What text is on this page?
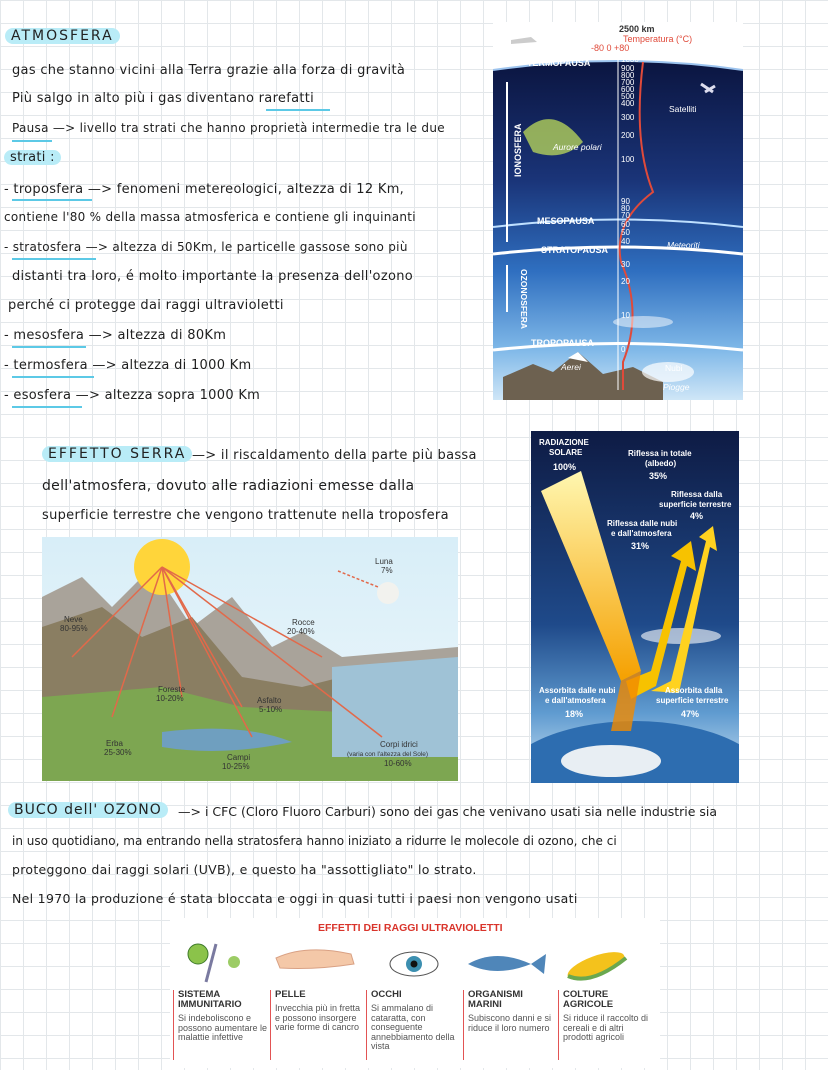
ATMOSFERA
gas che stanno vicini alla Terra grazie alla forza di gravità
Più salgo in alto più i gas diventano rarefatti
Pausa —> livello tra strati che hanno proprietà intermedie tra le due
strati :
- troposfera —> fenomeni metereologici, altezza di 12 Km,
contiene l'80 % della massa atmosferica e contiene gli inquinanti
- stratosfera —> altezza di 50Km, le particelle gassose sono più
distanti tra loro, é molto importante la presenza dell'ozono
perché ci protegge dai raggi ultravioletti
- mesosfera —> altezza di 80Km
- termosfera —> altezza di 1000 Km
- esosfera —> altezza sopra 1000 Km
2500 km
Temperatura (°C)
-80 0 +80
Space Shuttle
TERMOPAUSA
IONOSFERA	Aurore polari
Satelliti
MESOPAUSA
STRATOPAUSA	Meteoriti
OZONOSFERA
TROPOPAUSA
Aerei	Nubi
Piogge
1000
900
800
700
600
500
400
300
200
100
90
80
70
60
50
40
30
20
10
0
EFFETTO SERRA —> il riscaldamento della parte più bassa
dell'atmosfera, dovuto alle radiazioni emesse dalla
superficie terrestre che vengono trattenute nella troposfera
Luna
7%
Neve
80-95%
Rocce
20-40%
Foreste
10-20%	Asfalto
5-10%
Erba
25-30%
Campi
10-25%
Corpi idrici
(varia con l'altezza del Sole)
10-60%
RADIAZIONE
SOLARE
100%
Riflessa in totale
(albedo)
35%
Riflessa dalla
superficie terrestre
4%
Riflessa dalle nubi
e dall'atmosfera
31%
Assorbita dalle nubi
e dall'atmosfera
18%
Assorbita dalla
superficie terrestre
47%
BUCO dell' OZONO	—> i CFC (Cloro Fluoro Carburi) sono dei gas che venivano usati sia nelle industrie sia
in uso quotidiano, ma entrando nella stratosfera hanno iniziato a ridurre le molecole di ozono, che ci
proteggono dai raggi solari (UVB), e questo ha "assottigliato" lo strato.
Nel 1970 la produzione é stata bloccata e oggi in quasi tutti i paesi non vengono usati
EFFETTI DEI RAGGI ULTRAVIOLETTI
SISTEMA IMMUNITARIO
Si indeboliscono e possono aumentare le malattie infettive
PELLE
Invecchia più in fretta e possono insorgere varie forme di cancro
OCCHI
Si ammalano di cataratta, con conseguente annebbiamento della vista
ORGANISMI MARINI
Subiscono danni e si riduce il loro numero
COLTURE AGRICOLE
Si riduce il raccolto di cereali e di altri prodotti agricoli
